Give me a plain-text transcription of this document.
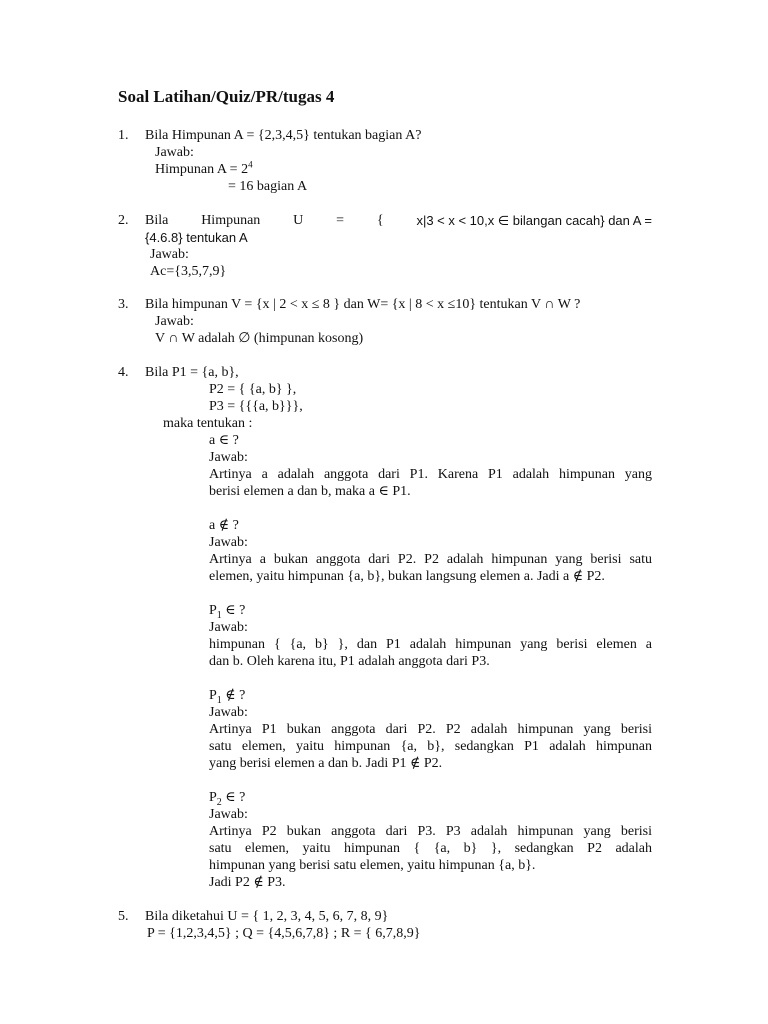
Soal Latihan/Quiz/PR/tugas 4
1. Bila Himpunan A = {2,3,4,5} tentukan bagian A?
Jawab:
Himpunan $A = 2^4$
= 16 bagian A
2. Bila Himpunan U = {	x|3 < x < 10,x ∈ bilangan cacah} dan A =
{4.6.8} tentukan A
Jawab:
Ac={3,5,7,9}
3. Bila himpunan V = {x | 2 < x ≤ 8 } dan W= {x | 8 < x ≤10} tentukan V ∩ W ?
Jawab:
V ∩ W adalah ∅ (himpunan kosong)
4. Bila P1 = {a, b},
P2 = { {a, b} },
P3 = {{{a, b}}},
maka tentukan :
a ∈ ?
Jawab:
Artinya a adalah anggota dari P1. Karena P1 adalah himpunan yang
berisi elemen a dan b, maka a ∈ P1.
a ∉ ?
Jawab:
Artinya a bukan anggota dari P2. P2 adalah himpunan yang berisi satu
elemen, yaitu himpunan {a, b}, bukan langsung elemen a. Jadi a ∉ P2.
$P_1$ ∈ ?
Jawab:
himpunan { {a, b} }, dan P1 adalah himpunan yang berisi elemen a
dan b. Oleh karena itu, P1 adalah anggota dari P3.
$P_1$ ∉ ?
Jawab:
Artinya P1 bukan anggota dari P2. P2 adalah himpunan yang berisi
satu elemen, yaitu himpunan {a, b}, sedangkan P1 adalah himpunan
yang berisi elemen a dan b. Jadi P1 ∉ P2.
$P_2$ ∈ ?
Jawab:
Artinya P2 bukan anggota dari P3. P3 adalah himpunan yang berisi
satu elemen, yaitu himpunan { {a, b} }, sedangkan P2 adalah
himpunan yang berisi satu elemen, yaitu himpunan {a, b}.
Jadi P2 ∉ P3.
5. Bila diketahui U = { 1, 2, 3, 4, 5, 6, 7, 8, 9}
P = {1,2,3,4,5} ; Q = {4,5,6,7,8} ; R = { 6,7,8,9}
